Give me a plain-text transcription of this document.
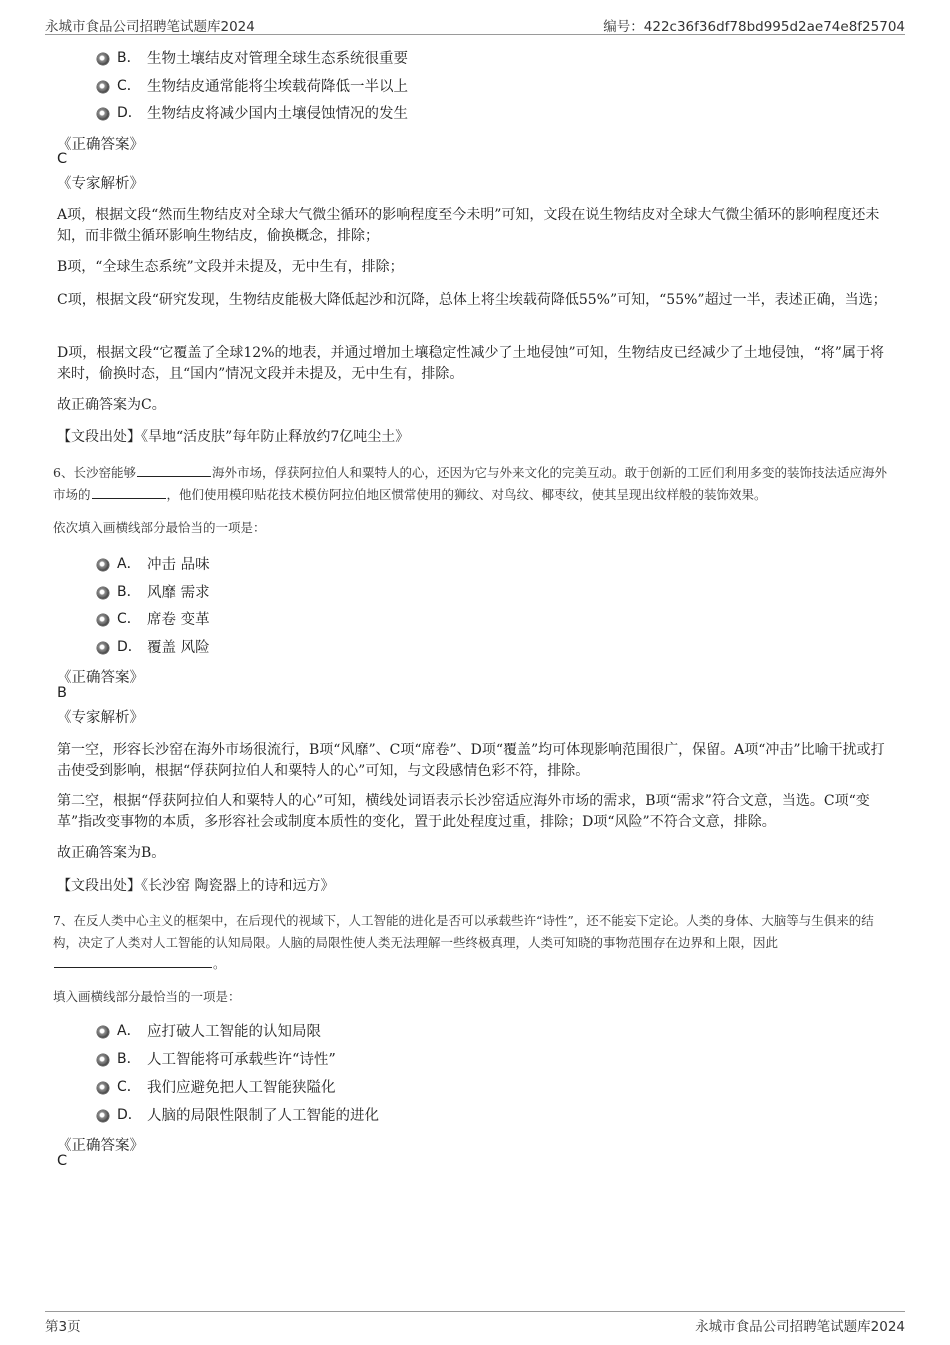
永城市食品公司招聘笔试题库2024	编号：422c36f36df78bd995d2ae74e8f25704
B． 生物土壤结皮对管理全球生态系统很重要
C． 生物结皮通常能将尘埃载荷降低一半以上
D． 生物结皮将减少国内土壤侵蚀情况的发生
《正确答案》
C
《专家解析》
A项，根据文段“然而生物结皮对全球大气微尘循环的影响程度至今未明”可知，文段在说生物结皮对全球大气微尘循环的影响程度还未知，而非微尘循环影响生物结皮，偷换概念，排除；
B项，“全球生态系统”文段并未提及，无中生有，排除；
C项，根据文段“研究发现，生物结皮能极大降低起沙和沉降，总体上将尘埃载荷降低55%”可知，“55%”超过一半，表述正确，当选；
D项，根据文段“它覆盖了全球12%的地表，并通过增加土壤稳定性减少了土地侵蚀”可知，生物结皮已经减少了土地侵蚀，“将”属于将来时，偷换时态，且“国内”情况文段并未提及，无中生有，排除。
故正确答案为C。
【文段出处】《旱地“活皮肤”每年防止释放约7亿吨尘土》
6、长沙窑能够	海外市场，俘获阿拉伯人和粟特人的心，还因为它与外来文化的完美互动。敢于创新的工匠们利用多变的装饰技法适应海外市场的	，他们使用模印贴花技术模仿阿拉伯地区惯常使用的狮纹、对鸟纹、椰枣纹，使其呈现出纹样般的装饰效果。
依次填入画横线部分最恰当的一项是：
A． 冲击 品味
B． 风靡 需求
C． 席卷 变革
D． 覆盖 风险
《正确答案》
B
《专家解析》
第一空，形容长沙窑在海外市场很流行，B项“风靡”、C项“席卷”、D项“覆盖”均可体现影响范围很广，保留。A项“冲击”比喻干扰或打击使受到影响，根据“俘获阿拉伯人和粟特人的心”可知，与文段感情色彩不符，排除。
第二空，根据“俘获阿拉伯人和粟特人的心”可知，横线处词语表示长沙窑适应海外市场的需求，B项“需求”符合文意，当选。C项“变革”指改变事物的本质，多形容社会或制度本质性的变化，置于此处程度过重，排除；D项“风险”不符合文意，排除。
故正确答案为B。
【文段出处】《长沙窑 陶瓷器上的诗和远方》
7、在反人类中心主义的框架中，在后现代的视域下，人工智能的进化是否可以承载些许“诗性”，还不能妄下定论。人类的身体、大脑等与生俱来的结构，决定了人类对人工智能的认知局限。人脑的局限性使人类无法理解一些终极真理，人类可知晓的事物范围存在边界和上限，因此
。
填入画横线部分最恰当的一项是：
A． 应打破人工智能的认知局限
B． 人工智能将可承载些许“诗性”
C． 我们应避免把人工智能狭隘化
D． 人脑的局限性限制了人工智能的进化
《正确答案》
C
第3页	永城市食品公司招聘笔试题库2024
